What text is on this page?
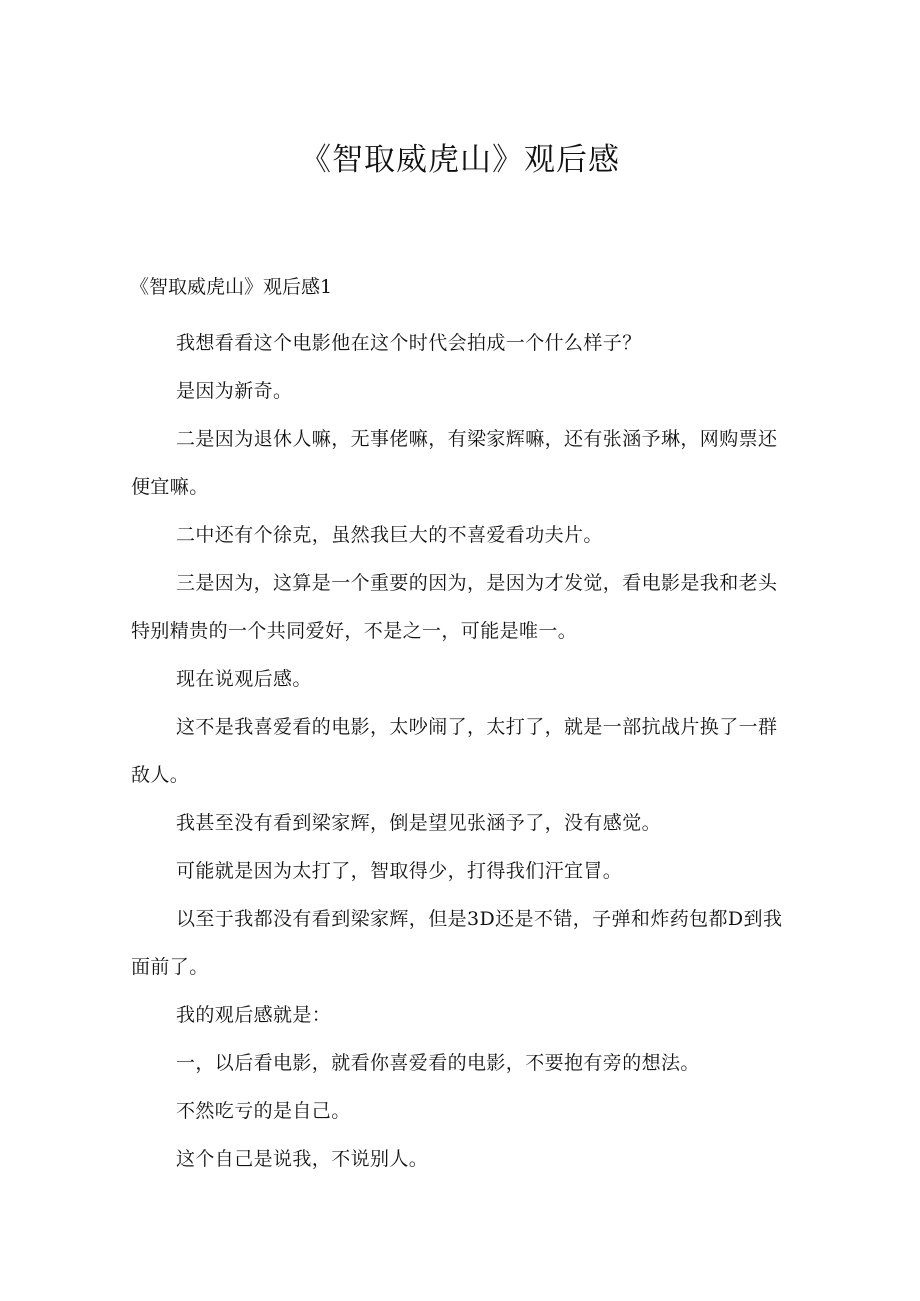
《智取威虎山》观后感
《智取威虎山》观后感1

我想看看这个电影他在这个时代会拍成一个什么样子？

是因为新奇。

二是因为退休人嘛，无事佬嘛，有梁家辉嘛，还有张涵予琳，网购票还便宜嘛。

二中还有个徐克，虽然我巨大的不喜爱看功夫片。

三是因为，这算是一个重要的因为，是因为才发觉，看电影是我和老头特别精贵的一个共同爱好，不是之一，可能是唯一。

现在说观后感。

这不是我喜爱看的电影，太吵闹了，太打了，就是一部抗战片换了一群敌人。

我甚至没有看到梁家辉，倒是望见张涵予了，没有感觉。

可能就是因为太打了，智取得少，打得我们汗宜冒。

以至于我都没有看到梁家辉，但是3D还是不错，子弹和炸药包都D到我面前了。

我的观后感就是：

一，以后看电影，就看你喜爱看的电影，不要抱有旁的想法。

不然吃亏的是自己。

这个自己是说我，不说别人。
